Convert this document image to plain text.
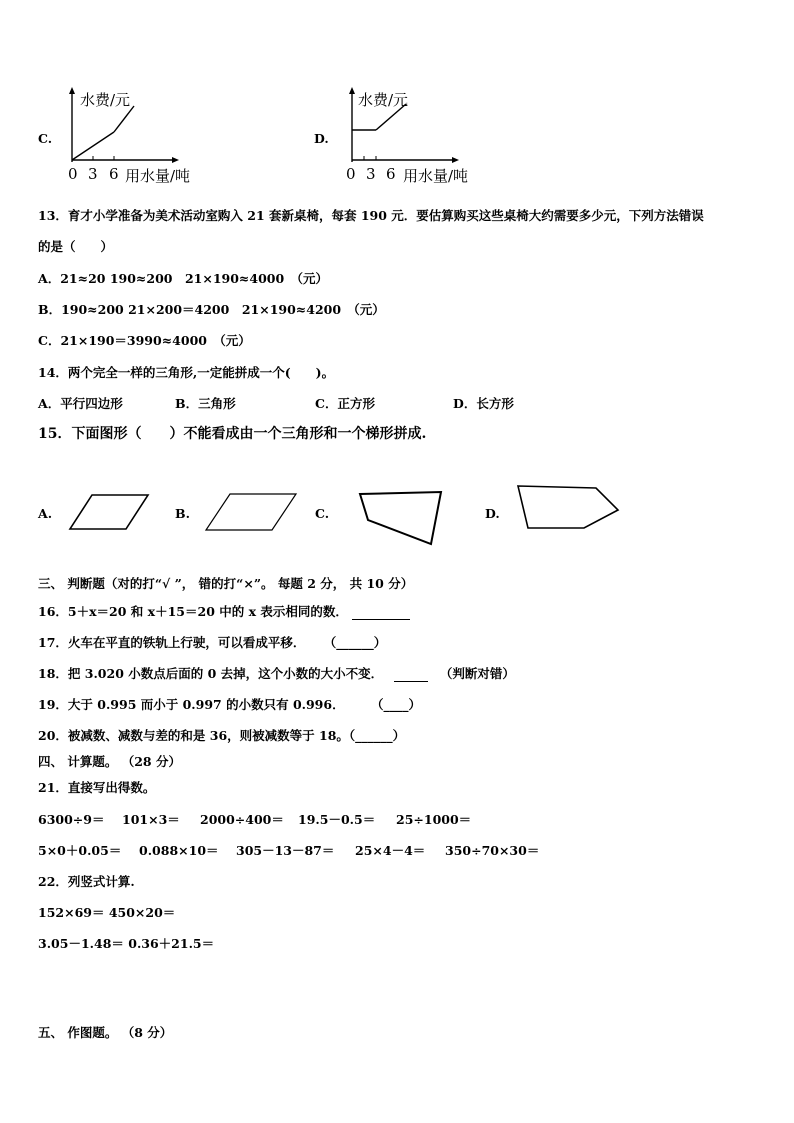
C.
水费/元
0 3 6 用水量/吨
D.
水费/元
0 3 6 用水量/吨
13．育才小学准备为美术活动室购入 21 套新桌椅，每套 190 元．要估算购买这些桌椅大约需要多少元，下列方法错误
的是（　　）
A．21≈20 190≈200　21×190≈4000　（元）
B．190≈200 21×200＝4200　21×190≈4200　（元）
C．21×190＝3990≈4000　（元）
14．两个完全一样的三角形,一定能拼成一个(　　)。
A．平行四边形	B．三角形	C．正方形	D．长方形
15．下面图形（　　）不能看成由一个三角形和一个梯形拼成.
A.	B.	C.	D.
三、 判断题（对的打“√ ”， 错的打“×”。 每题 2 分， 共 10 分）
16．5＋x＝20 和 x＋15＝20 中的 x 表示相同的数．
17．火车在平直的铁轨上行驶，可以看成平移． （______）
18．把 3.020 小数点后面的 0 去掉，这个小数的大小不变．	（判断对错）
19．大于 0.995 而小于 0.997 的小数只有 0.996． （____）
20．被减数、减数与差的和是 36，则被减数等于 18。（______）
四、 计算题。 （28 分）
21．直接写出得数。
6300÷9＝ 101×3＝ 2000÷400＝ 19.5－0.5＝ 25÷1000＝
5×0＋0.05＝ 0.088×10＝ 305－13－87＝ 25×4－4＝ 350÷70×30＝
22．列竖式计算.
152×69＝ 450×20＝
3.05－1.48＝ 0.36＋21.5＝
五、 作图题。 （8 分）
